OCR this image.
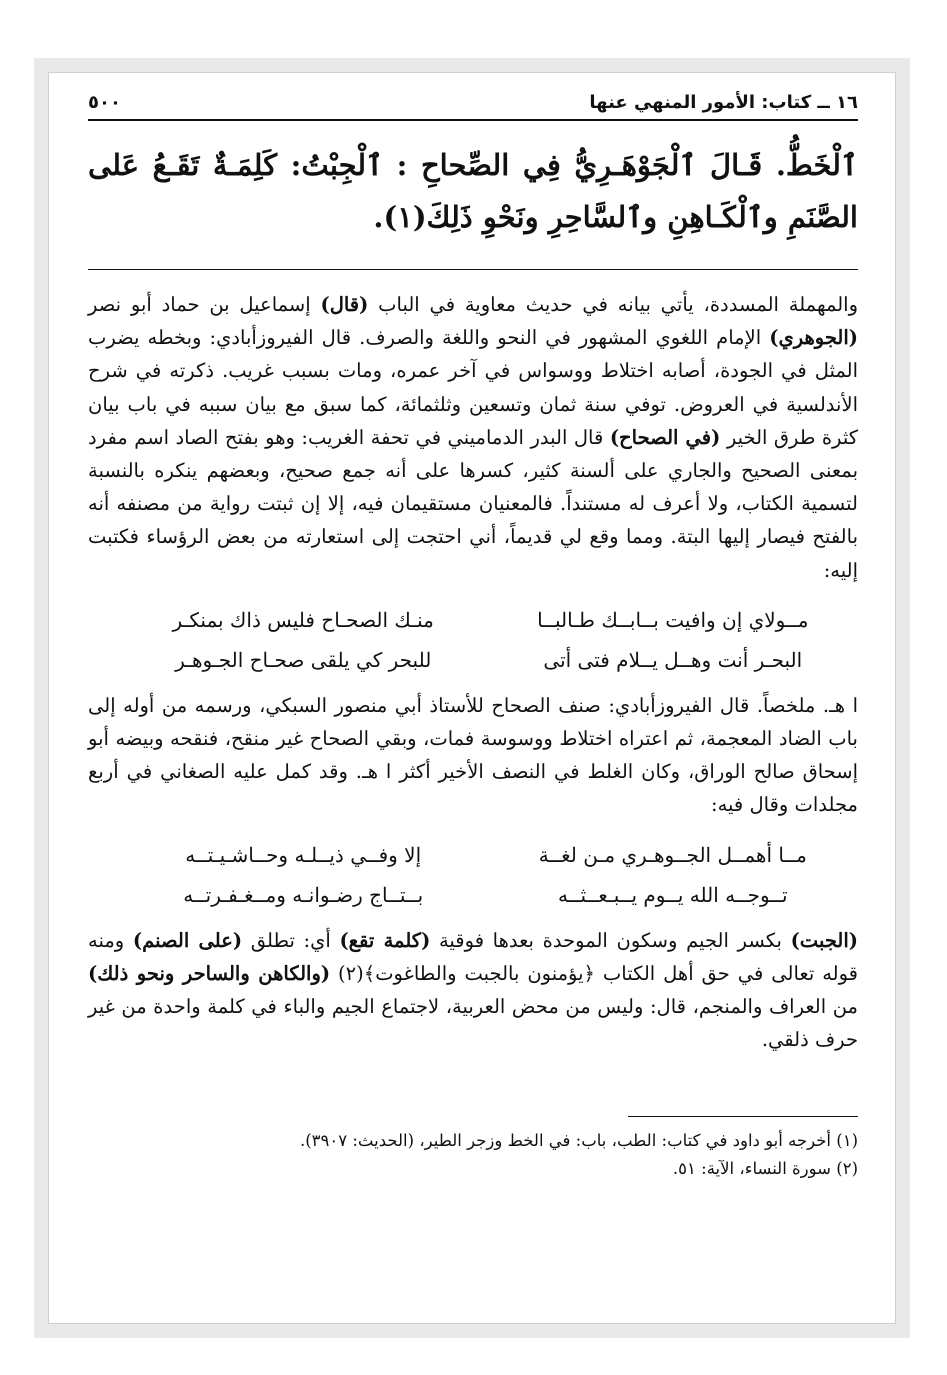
١٦ ــ كتاب: الأمور المنهي عنها
٥٠٠
ٱلْخَطُّ. قَـالَ ٱلْجَوْهَـرِيُّ فِي الصِّحاحِ : ٱلْجِبْتُ: كَلِمَـةٌ تَقَـعُ عَلى الصَّنَمِ وٱلْكَـاهِنِ وٱلسَّاحِرِ ونَحْوِ ذَلِكَ(١).

والمهملة المسددة، يأتي بيانه في حديث معاوية في الباب (قال) إسماعيل بن حماد أبو نصر (الجوهري) الإمام اللغوي المشهور في النحو واللغة والصرف. قال الفيروزأبادي: وبخطه يضرب المثل في الجودة، أصابه اختلاط ووسواس في آخر عمره، ومات بسبب غريب. ذكرته في شرح الأندلسية في العروض. توفي سنة ثمان وتسعين وثلثمائة، كما سبق مع بيان سببه في باب بيان كثرة طرق الخير (في الصحاح) قال البدر الدماميني في تحفة الغريب: وهو بفتح الصاد اسم مفرد بمعنى الصحيح والجاري على ألسنة كثير، كسرها على أنه جمع صحيح، وبعضهم ينكره بالنسبة لتسمية الكتاب، ولا أعرف له مستنداً. فالمعنيان مستقيمان فيه، إلا إن ثبتت رواية من مصنفه أنه بالفتح فيصار إليها البتة. ومما وقع لي قديماً، أني احتجت إلى استعارته من بعض الرؤساء فكتبت إليه:

مــولاي إن وافيت بــابــك طـالبــا
منـك الصحـاح فليس ذاك بمنكـر
البحـر أنت وهــل يــلام فتى أتى
للبحر كي يلقى صحـاح الجـوهـر

ا هـ. ملخصاً. قال الفيروزأبادي: صنف الصحاح للأستاذ أبي منصور السبكي، ورسمه من أوله إلى باب الضاد المعجمة، ثم اعتراه اختلاط ووسوسة فمات، وبقي الصحاح غير منقح، فنقحه وبيضه أبو إسحاق صالح الوراق، وكان الغلط في النصف الأخير أكثر ا هـ. وقد كمل عليه الصغاني في أربع مجلدات وقال فيه:

مــا أهمــل الجــوهـري مـن لغــة
إلا وفــي ذيــلـه وحــاشـيـتــه
تــوجــه الله يــوم يــبـعــثــه
بــتــاج رضـوانـه ومــغـفـرتــه

(الجبت) بكسر الجيم وسكون الموحدة بعدها فوقية (كلمة تقع) أي: تطلق (على الصنم) ومنه قوله تعالى في حق أهل الكتاب ﴿يؤمنون بالجبت والطاغوت﴾(٢) (والكاهن والساحر ونحو ذلك) من العراف والمنجم، قال: وليس من محض العربية، لاجتماع الجيم والباء في كلمة واحدة من غير حرف ذلقي.

(١) أخرجه أبو داود في كتاب: الطب، باب: في الخط وزجر الطير، (الحديث: ٣٩٠٧).
(٢) سورة النساء، الآية: ٥١.
